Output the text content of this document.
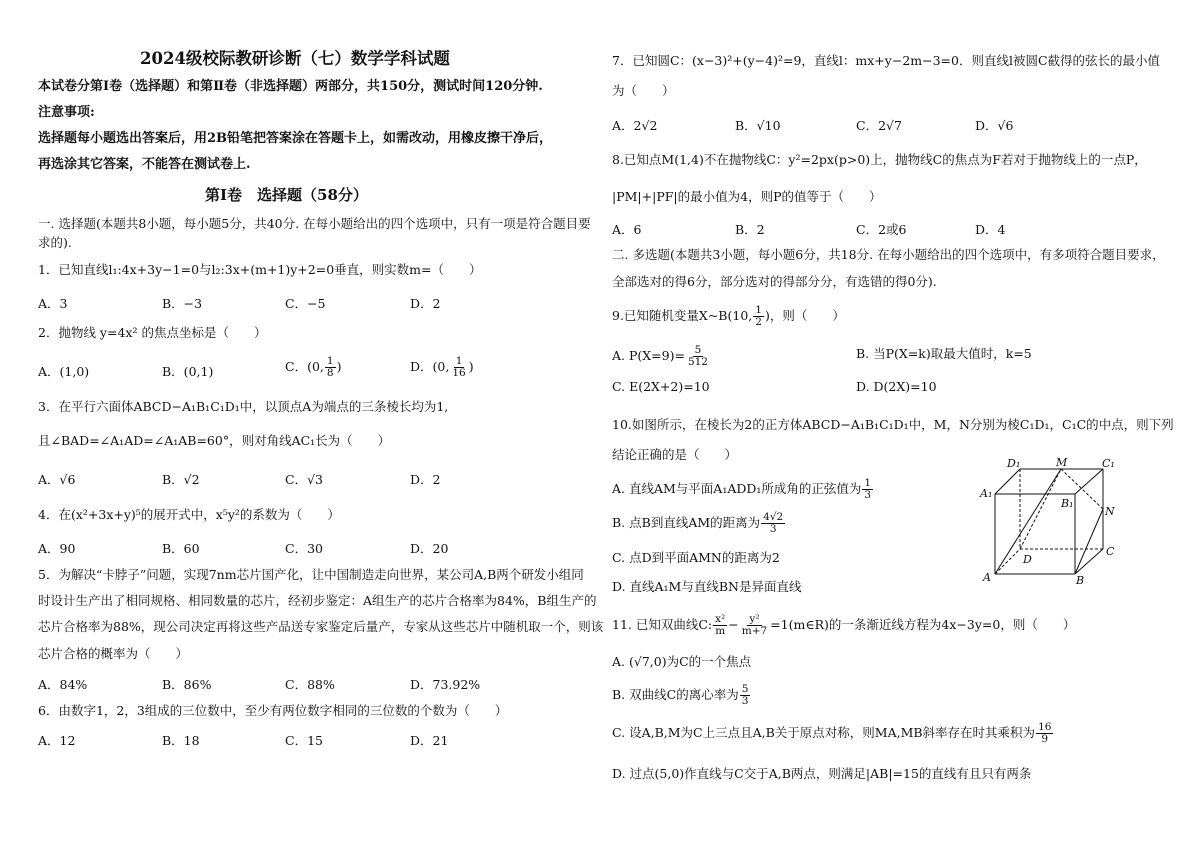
2024级校际教研诊断（七）数学学科试题
本试卷分第Ⅰ卷（选择题）和第Ⅱ卷（非选择题）两部分，共150分，测试时间120分钟.
注意事项:
选择题每小题选出答案后，用2B铅笔把答案涂在答题卡上，如需改动，用橡皮擦干净后，
再选涂其它答案，不能答在测试卷上.
第Ⅰ卷　选择题（58分）
一. 选择题(本题共8小题，每小题5分，共40分. 在每小题给出的四个选项中，只有一项是符合题目要
求的).
1．已知直线l₁:4x+3y−1=0与l₂:3x+(m+1)y+2=0垂直，则实数m=（　　）
A．3	B．−3	C．−5	D．2
2．抛物线 y=4x² 的焦点坐标是（　　）
A．(1,0)	B．(0,1)	C．(0, $\frac{1}{8}$ )	D．(0, $\frac{1}{16}$ )
3．在平行六面体ABCD−A₁B₁C₁D₁中，以顶点A为端点的三条棱长均为1,
且∠BAD=∠A₁AD=∠A₁AB=60°，则对角线AC₁长为（　　）
A．√6	B．√2	C．√3	D．2
4．在(x²+3x+y)⁵的展开式中，x⁵y²的系数为（　　）
A．90	B．60	C．30	D．20
5．为解决“卡脖子”问题，实现7nm芯片国产化，让中国制造走向世界，某公司A,B两个研发小组同
时设计生产出了相同规格、相同数量的芯片，经初步鉴定：A组生产的芯片合格率为84%，B组生产的
芯片合格率为88%，现公司决定再将这些产品送专家鉴定后量产，专家从这些芯片中随机取一个，则该
芯片合格的概率为（　　）
A．84%	B．86%	C．88%	D．73.92%
6．由数字1，2，3组成的三位数中，至少有两位数字相同的三位数的个数为（　　）
A．12	B．18	C．15	D．21
7．已知圆C：(x−3)²+(y−4)²=9，直线l：mx+y−2m−3=0．则直线l被圆C截得的弦长的最小值
为（　　）
A．2√2	B．√10	C．2√7	D．√6
8.已知点M(1,4)不在抛物线C：y²=2px(p>0)上，抛物线C的焦点为F若对于抛物线上的一点P，
|PM|+|PF|的最小值为4，则P的值等于（　　）
A．6	B．2	C．2或6	D．4
二. 多选题(本题共3小题，每小题6分，共18分. 在每小题给出的四个选项中，有多项符合题目要求，
全部选对的得6分，部分选对的得部分分，有选错的得0分).
9.已知随机变量X~B(10, $\frac{1}{2}$ )，则（　　）
A. $P(X=9)= \frac{5}{512}$	B. 当P(X=k)取最大值时，k=5
C. E(2X+2)=10	D. D(2X)=10
10.如图所示，在棱长为2的正方体ABCD−A₁B₁C₁D₁中，M，N分别为棱C₁D₁，C₁C的中点，则下列
结论正确的是（　　）
A. 直线AM与平面A₁ADD₁所成角的正弦值为 $\frac{1}{3}$
B. 点B到直线AM的距离为 $\frac{4√2}{3}$
C. 点D到平面AMN的距离为2
D. 直线A₁M与直线BN是异面直线
D₁	M	C₁
A₁
B₁
N
D
C
A	B
11. 已知双曲线C: $\frac{\text{x²}}{m} - \frac{\text{y²}}{m+7}$ =1(m∈R)的一条渐近线方程为4x−3y=0，则（　　）
A. (√7,0)为C的一个焦点
B. 双曲线C的离心率为 $\frac{5}{3}$
C. 设A,B,M为C上三点且A,B关于原点对称，则MA,MB斜率存在时其乘积为 $\frac{16}{9}$
D. 过点(5,0)作直线与C交于A,B两点，则满足|AB|=15的直线有且只有两条
